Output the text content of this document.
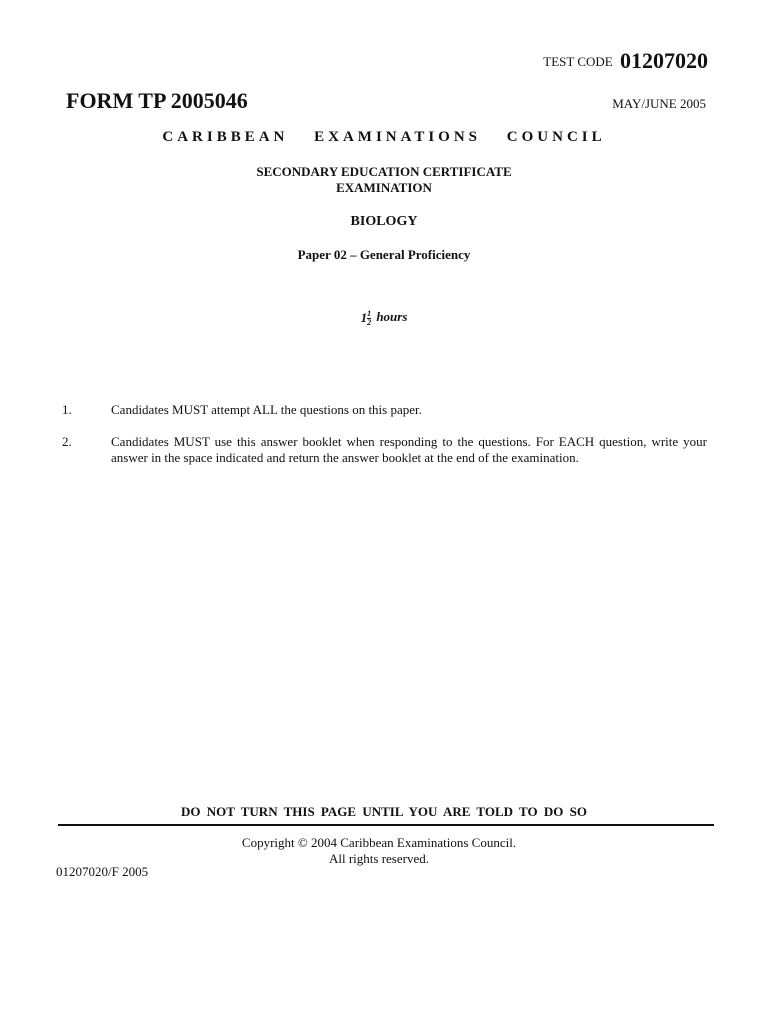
TEST CODE 01207020
FORM TP 2005046	MAY/JUNE 2005
CARIBBEAN EXAMINATIONS COUNCIL
SECONDARY EDUCATION CERTIFICATE
EXAMINATION
BIOLOGY
Paper 02 – General Proficiency
$1 \frac{1}{2}$ hours
1.	Candidates MUST attempt ALL the questions on this paper.
2.	Candidates MUST use this answer booklet when responding to the questions. For EACH question, write your answer in the space indicated and return the answer booklet at the end of the examination.
DO NOT TURN THIS PAGE UNTIL YOU ARE TOLD TO DO SO
Copyright © 2004 Caribbean Examinations Council.
All rights reserved.
01207020/F 2005
